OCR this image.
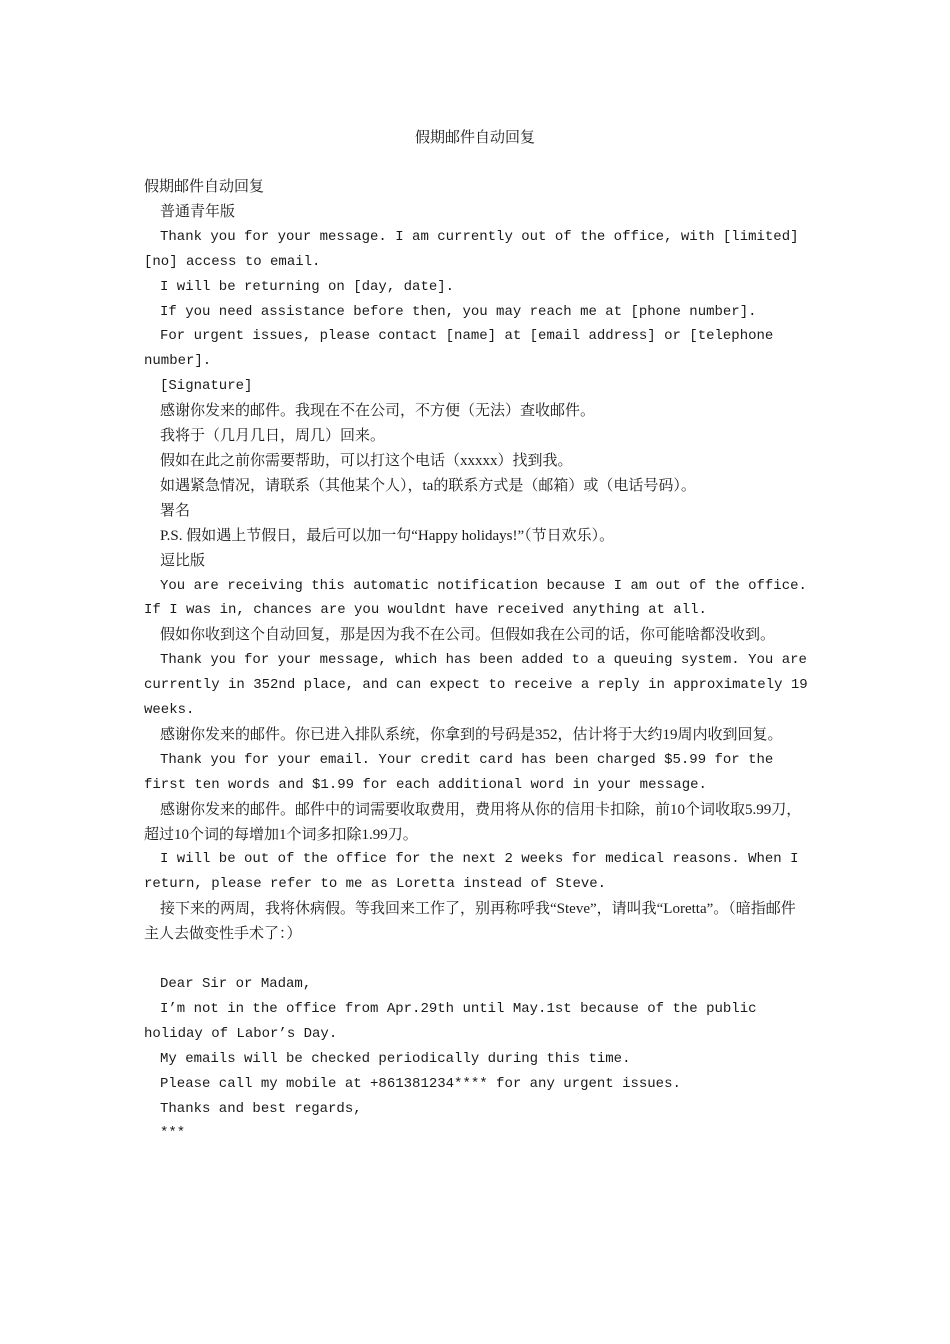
假期邮件自动回复

假期邮件自动回复

普通青年版

Thank you for your message. I am currently out of the office, with [limited] [no] access to email.

I will be returning on [day, date].

If you need assistance before then, you may reach me at [phone number].

For urgent issues, please contact [name] at [email address] or [telephone number].

[Signature]

感谢你发来的邮件。我现在不在公司，不方便（无法）查收邮件。

我将于（几月几日，周几）回来。

假如在此之前你需要帮助，可以打这个电话（xxxxx）找到我。

如遇紧急情况，请联系（其他某个人），ta的联系方式是（邮箱）或（电话号码）。

署名

P.S. 假如遇上节假日，最后可以加一句“Happy holidays!”（节日欢乐）。

逗比版

You are receiving this automatic notification because I am out of the office. If I was in, chances are you wouldnt have received anything at all.

假如你收到这个自动回复，那是因为我不在公司。但假如我在公司的话，你可能啥都没收到。

Thank you for your message, which has been added to a queuing system. You are currently in 352nd place, and can expect to receive a reply in approximately 19 weeks.

感谢你发来的邮件。你已进入排队系统，你拿到的号码是352，估计将于大约19周内收到回复。

Thank you for your email. Your credit card has been charged $5.99 for the first ten words and $1.99 for each additional word in your message.

感谢你发来的邮件。邮件中的词需要收取费用，费用将从你的信用卡扣除，前10个词收取5.99刀，超过10个词的每增加1个词多扣除1.99刀。

I will be out of the office for the next 2 weeks for medical reasons. When I return, please refer to me as Loretta instead of Steve.

接下来的两周，我将休病假。等我回来工作了，别再称呼我“Steve”，请叫我“Loretta”。（暗指邮件主人去做变性手术了：）

Dear Sir or Madam,

I’m not in the office from Apr.29th until May.1st because of the public holiday of Labor’s Day.

My emails will be checked periodically during this time.

Please call my mobile at +861381234**** for any urgent issues.

Thanks and best regards,

***
